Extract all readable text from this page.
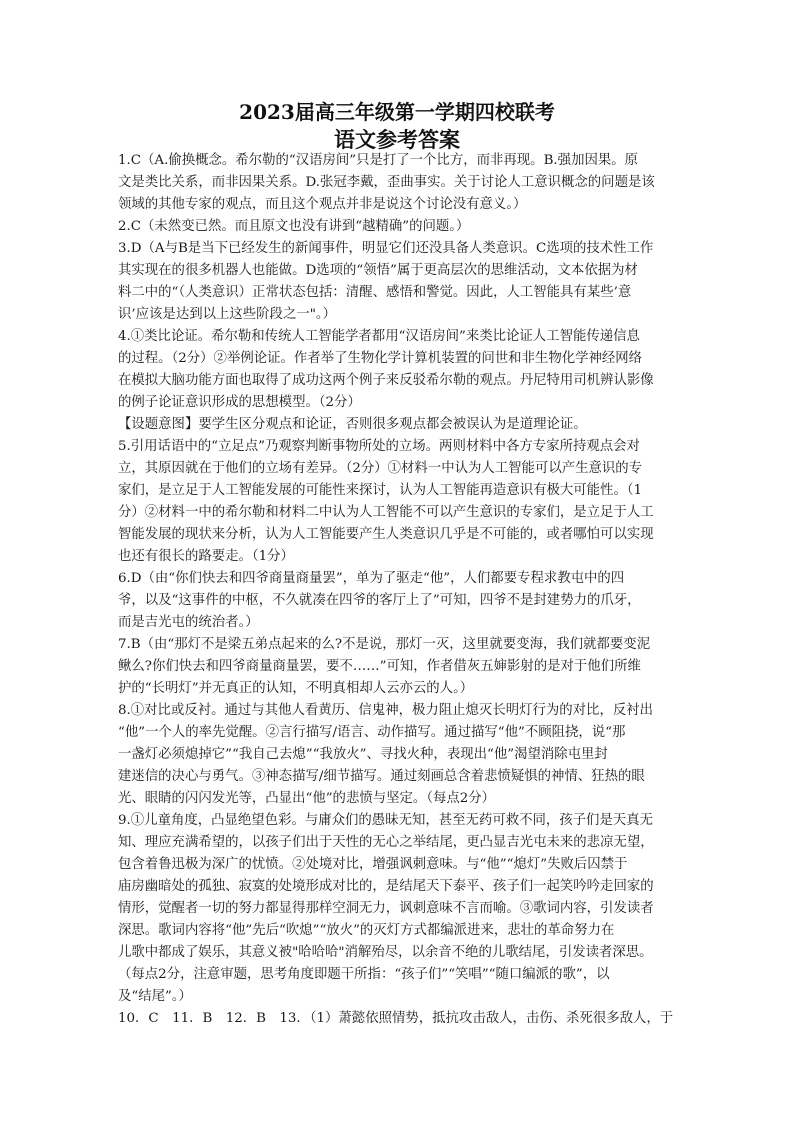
2023届高三年级第一学期四校联考
语文参考答案
1.C（A.偷换概念。希尔勒的“汉语房间”只是打了一个比方，而非再现。B.强加因果。原
文是类比关系，而非因果关系。D.张冠李戴，歪曲事实。关于讨论人工意识概念的问题是该
领域的其他专家的观点，而且这个观点并非是说这个讨论没有意义。）
2.C（未然变已然。而且原文也没有讲到“越精确”的问题。）
3.D（A与B是当下已经发生的新闻事件，明显它们还没具备人类意识。C选项的技术性工作
其实现在的很多机器人也能做。D选项的“领悟”属于更高层次的思维活动，文本依据为材
料二中的“（人类意识）正常状态包括：清醒、感悟和警觉。因此，人工智能具有某些’意
识’应该是达到以上这些阶段之一"。）
4.①类比论证。希尔勒和传统人工智能学者都用“汉语房间”来类比论证人工智能传递信息
的过程。（2分）②举例论证。作者举了生物化学计算机装置的问世和非生物化学神经网络
在模拟大脑功能方面也取得了成功这两个例子来反驳希尔勒的观点。丹尼特用司机辨认影像
的例子论证意识形成的思想模型。（2分）
【设题意图】要学生区分观点和论证，否则很多观点都会被误认为是道理论证。
5.引用话语中的“立足点”乃观察判断事物所处的立场。两则材料中各方专家所持观点会对
立，其原因就在于他们的立场有差异。（2分）①材料一中认为人工智能可以产生意识的专
家们，是立足于人工智能发展的可能性来探讨，认为人工智能再造意识有极大可能性。（1
分）②材料一中的希尔勒和材料二中认为人工智能不可以产生意识的专家们，是立足于人工
智能发展的现状来分析，认为人工智能要产生人类意识几乎是不可能的，或者哪怕可以实现
也还有很长的路要走。（1分）
6.D（由“你们快去和四爷商量商量罢”，单为了驱走“他”，人们都要专程求教屯中的四
爷，以及“这事件的中枢，不久就凑在四爷的客厅上了”可知，四爷不是封建势力的爪牙，
而是吉光屯的统治者。）
7.B（由“那灯不是梁五弟点起来的么?不是说，那灯一灭，这里就要变海，我们就都要变泥
鳅么?你们快去和四爷商量商量罢，要不……”可知，作者借灰五婶影射的是对于他们所维
护的“长明灯”并无真正的认知，不明真相却人云亦云的人。）
8.①对比或反衬。通过与其他人看黄历、信鬼神，极力阻止熄灭长明灯行为的对比，反衬出
“他”一个人的率先觉醒。②言行描写/语言、动作描写。通过描写“他”不顾阻挠，说“那
一盏灯必须熄掉它”“我自己去熄”“我放火”、寻找火种，表现出“他”渴望消除屯里封
建迷信的决心与勇气。③神态描写/细节描写。通过刻画总含着悲愤疑惧的神情、狂热的眼
光、眼睛的闪闪发光等，凸显出“他”的悲愤与坚定。（每点2分）
9.①儿童角度，凸显绝望色彩。与庸众们的愚昧无知，甚至无药可救不同，孩子们是天真无
知、理应充满希望的，以孩子们出于天性的无心之举结尾，更凸显吉光屯未来的悲凉无望，
包含着鲁迅极为深广的忧愤。②处境对比，增强讽刺意味。与“他”“熄灯”失败后囚禁于
庙房幽暗处的孤独、寂寞的处境形成对比的，是结尾天下泰平、孩子们一起笑吟吟走回家的
情形，觉醒者一切的努力都显得那样空洞无力，讽刺意味不言而喻。③歌词内容，引发读者
深思。歌词内容将“他”先后“吹熄”“放火”的灭灯方式都编派进来，悲壮的革命努力在
儿歌中都成了娱乐，其意义被"哈哈哈"消解殆尽，以余音不绝的儿歌结尾，引发读者深思。
（每点2分，注意审题，思考角度即题干所指：“孩子们”“笑唱”“随口编派的歌”，以
及“结尾”。）
10．C　11．B　12．B　13．（1）萧懿依照情势，抵抗攻击敌人，击伤、杀死很多敌人，于
